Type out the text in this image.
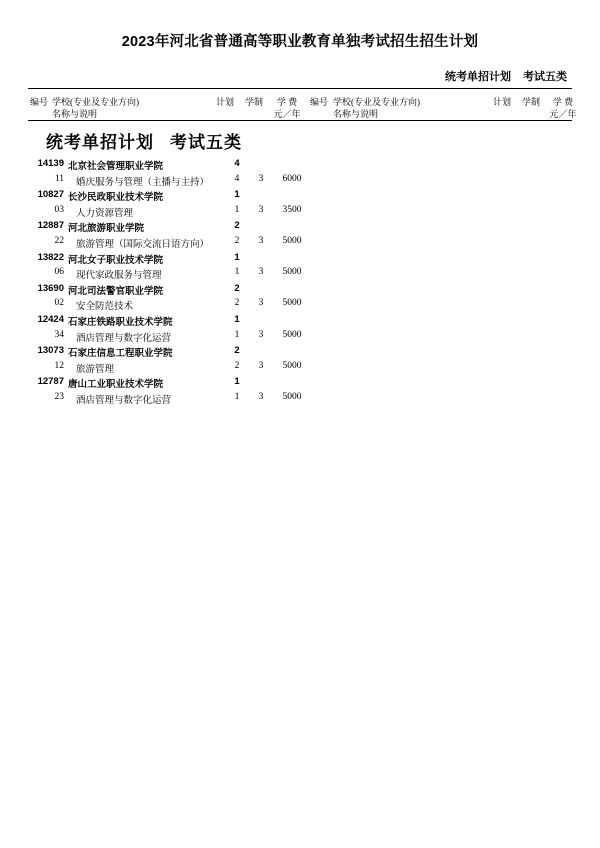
2023年河北省普通高等职业教育单独考试招生招生计划
统考单招计划 考试五类
编号 学校(专业及专业方向)
名称与说明
计划 学制	学 费
元／年
编号 学校(专业及专业方向)
名称与说明
计划 学制	学 费
元／年
统考单招计划 考试五类
14139 北京社会管理职业学院	4
11	婚庆服务与管理（主播与主持）	4	3	6000
10827 长沙民政职业技术学院	1
03	人力资源管理	1	3	3500
12887 河北旅游职业学院	2
22	旅游管理（国际交流日语方向）	2	3	5000
13822 河北女子职业技术学院	1
06	现代家政服务与管理	1	3	5000
13690 河北司法警官职业学院	2
02	安全防范技术	2	3	5000
12424 石家庄铁路职业技术学院	1
34	酒店管理与数字化运营	1	3	5000
13073 石家庄信息工程职业学院	2
12	旅游管理	2	3	5000
12787 唐山工业职业技术学院	1
23	酒店管理与数字化运营	1	3	5000
